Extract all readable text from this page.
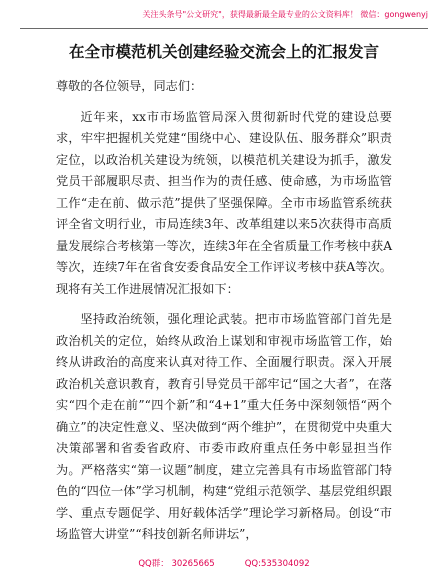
关注头条号"公文研究"，获得最新最全最专业的公文资料库！ 微信：gongwenyj
在全市模范机关创建经验交流会上的汇报发言

尊敬的各位领导，同志们：

近年来，xx市市场监管局深入贯彻新时代党的建设总要求，牢牢把握机关党建“围绕中心、建设队伍、服务群众”职责定位，以政治机关建设为统领，以模范机关建设为抓手，激发党员干部履职尽责、担当作为的责任感、使命感，为市场监管工作“走在前、做示范”提供了坚强保障。全市市场监管系统获评全省文明行业，市局连续3年、改革组建以来5次获得市高质量发展综合考核第一等次，连续3年在全省质量工作考核中获A等次，连续7年在省食安委食品安全工作评议考核中获A等次。现将有关工作进展情况汇报如下：

坚持政治统领，强化理论武装。把市市场监管部门首先是政治机关的定位，始终从政治上谋划和审视市场监管工作，始终从讲政治的高度来认真对待工作、全面履行职责。深入开展政治机关意识教育，教育引导党员干部牢记“国之大者”，在落实“四个走在前”“四个新”和“4+1”重大任务中深刻领悟“两个确立”的决定性意义、坚决做到“两个维护”，在贯彻党中央重大决策部署和省委省政府、市委市政府重点任务中彰显担当作为。严格落实“第一议题”制度，建立完善具有市场监管部门特色的“四位一体”学习机制，构建“党组示范领学、基层党组织跟学、重点专题促学、用好载体活学”理论学习新格局。创设“市场监管大讲堂”“科技创新名师讲坛”，

QQ群： 30265665	QQ:535304092
